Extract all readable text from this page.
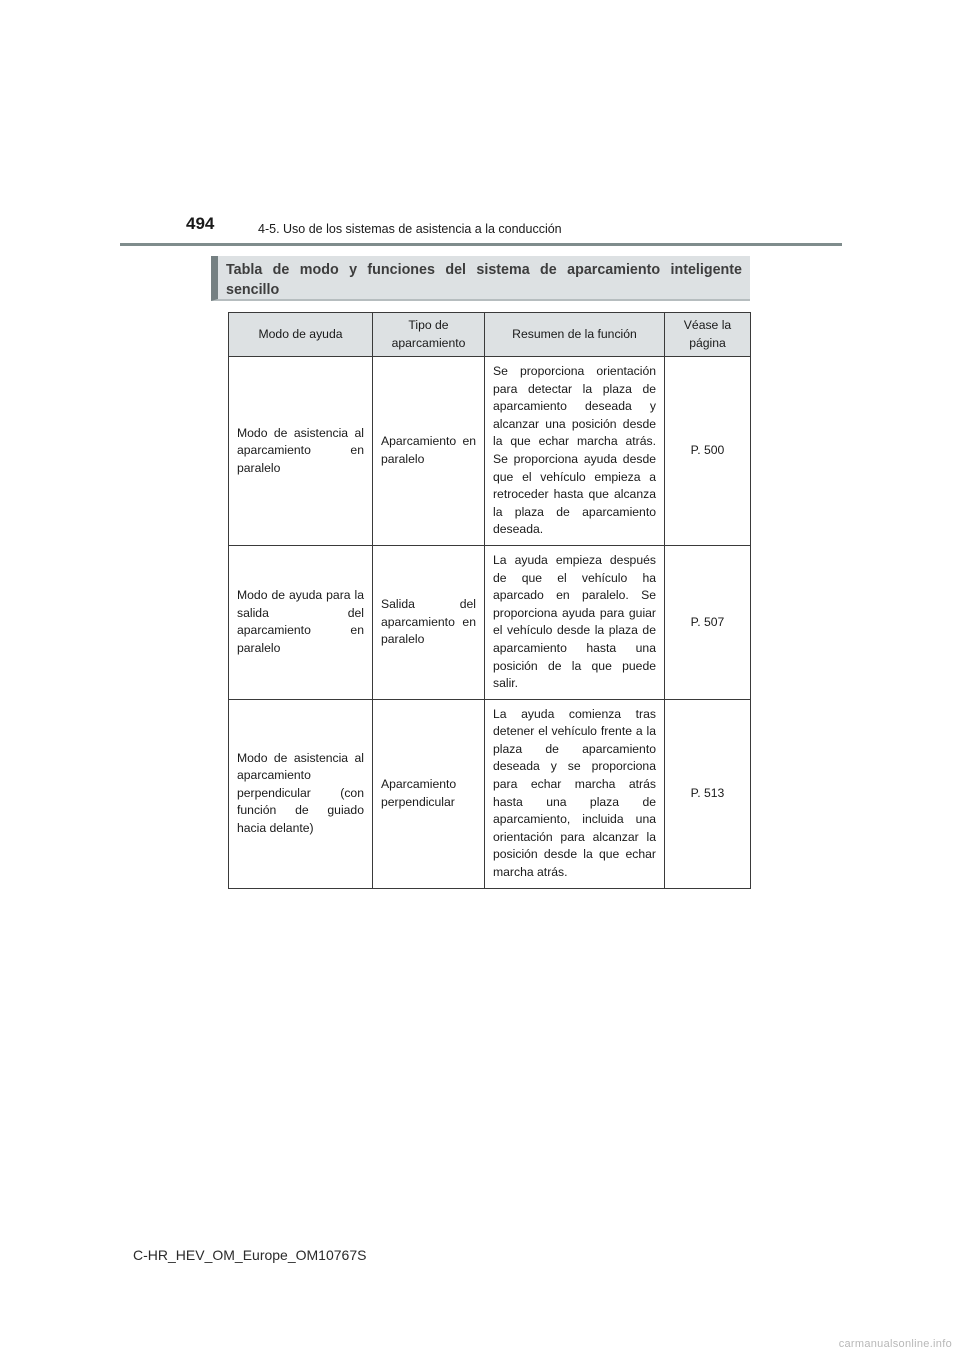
494	4-5. Uso de los sistemas de asistencia a la conducción
Tabla de modo y funciones del sistema de aparcamiento inteligente sencillo
Modo de ayuda	Tipo de aparcamiento	Resumen de la función	Véase la página
Modo de asistencia al aparcamiento en paralelo	Aparcamiento en paralelo	Se proporciona orientación para detectar la plaza de aparcamiento deseada y alcanzar una posición desde la que echar marcha atrás. Se proporciona ayuda desde que el vehículo empieza a retroceder hasta que alcanza la plaza de aparcamiento deseada.	P. 500
Modo de ayuda para la salida del aparcamiento en paralelo	Salida del aparcamiento en paralelo	La ayuda empieza después de que el vehículo ha aparcado en paralelo. Se proporciona ayuda para guiar el vehículo desde la plaza de aparcamiento hasta una posición de la que puede salir.	P. 507
Modo de asistencia al aparcamiento perpendicular (con función de guiado hacia delante)	Aparcamiento perpendicular	La ayuda comienza tras detener el vehículo frente a la plaza de aparcamiento deseada y se proporciona para echar marcha atrás hasta una plaza de aparcamiento, incluida una orientación para alcanzar la posición desde la que echar marcha atrás.	P. 513
C-HR_HEV_OM_Europe_OM10767S
carmanualsonline.info
